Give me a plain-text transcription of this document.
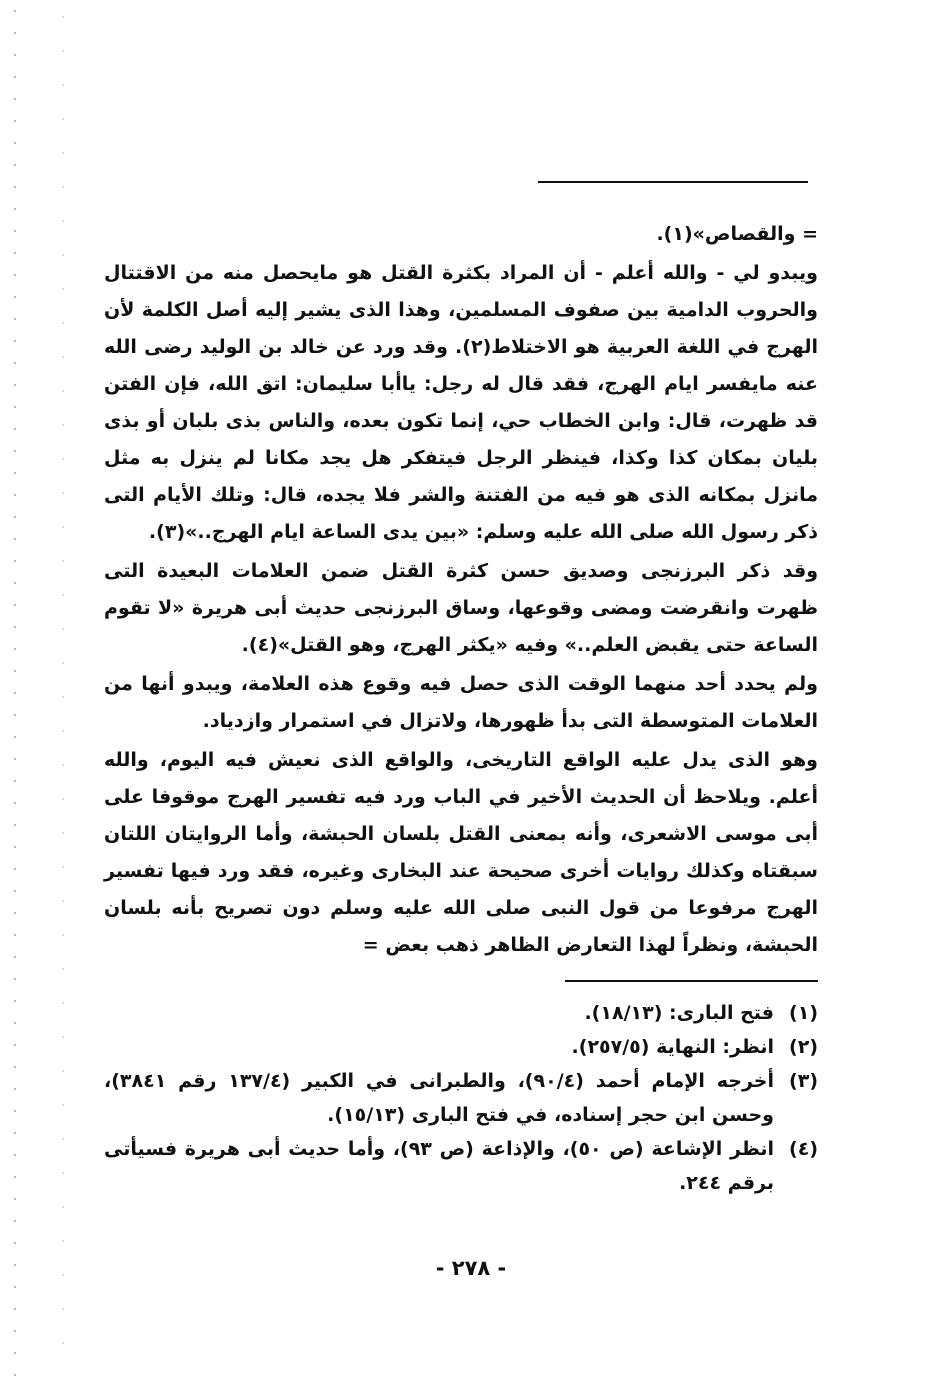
= والقصاص»(١).

ويبدو لي - والله أعلم - أن المراد بكثرة القتل هو مايحصل منه من الاقتتال والحروب الدامية بين صفوف المسلمين، وهذا الذى يشير إليه أصل الكلمة لأن الهرج في اللغة العربية هو الاختلاط(٢). وقد ورد عن خالد بن الوليد رضى الله عنه مايفسر ايام الهرج، فقد قال له رجل: ياأبا سليمان: اتق الله، فإن الفتن قد ظهرت، قال: وابن الخطاب حي، إنما تكون بعده، والناس بذى بلبان أو بذى بليان بمكان كذا وكذا، فينظر الرجل فيتفكر هل يجد مكانا لم ينزل به مثل مانزل بمكانه الذى هو فيه من الفتنة والشر فلا يجده، قال: وتلك الأيام التى ذكر رسول الله صلى الله عليه وسلم: «بين يدى الساعة ايام الهرج..»(٣).

وقد ذكر البرزنجى وصديق حسن كثرة القتل ضمن العلامات البعيدة التى ظهرت وانقرضت ومضى وقوعها، وساق البرزنجى حديث أبى هريرة «لا تقوم الساعة حتى يقبض العلم..» وفيه «يكثر الهرج، وهو القتل»(٤).

ولم يحدد أحد منهما الوقت الذى حصل فيه وقوع هذه العلامة، ويبدو أنها من العلامات المتوسطة التى بدأ ظهورها، ولاتزال في استمرار وازدياد.

وهو الذى يدل عليه الواقع التاريخى، والواقع الذى نعيش فيه اليوم، والله أعلم. ويلاحظ أن الحديث الأخير في الباب ورد فيه تفسير الهرج موقوفا على أبى موسى الاشعرى، وأنه بمعنى القتل بلسان الحبشة، وأما الروايتان اللتان سبقتاه وكذلك روايات أخرى صحيحة عند البخارى وغيره، فقد ورد فيها تفسير الهرج مرفوعا من قول النبى صلى الله عليه وسلم دون تصريح بأنه بلسان الحبشة، ونظراً لهذا التعارض الظاهر ذهب بعض =

(١)
فتح البارى: (١٨/١٣).
(٢)
انظر: النهاية (٢٥٧/٥).
(٣)
أخرجه الإمام أحمد (٩٠/٤)، والطبرانى في الكبير (١٣٧/٤ رقم ٣٨٤١)، وحسن ابن حجر إسناده، في فتح البارى (١٥/١٣).
(٤)
انظر الإشاعة (ص ٥٠)، والإذاعة (ص ٩٣)، وأما حديث أبى هريرة فسيأتى برقم ٢٤٤.
- ٢٧٨ -
